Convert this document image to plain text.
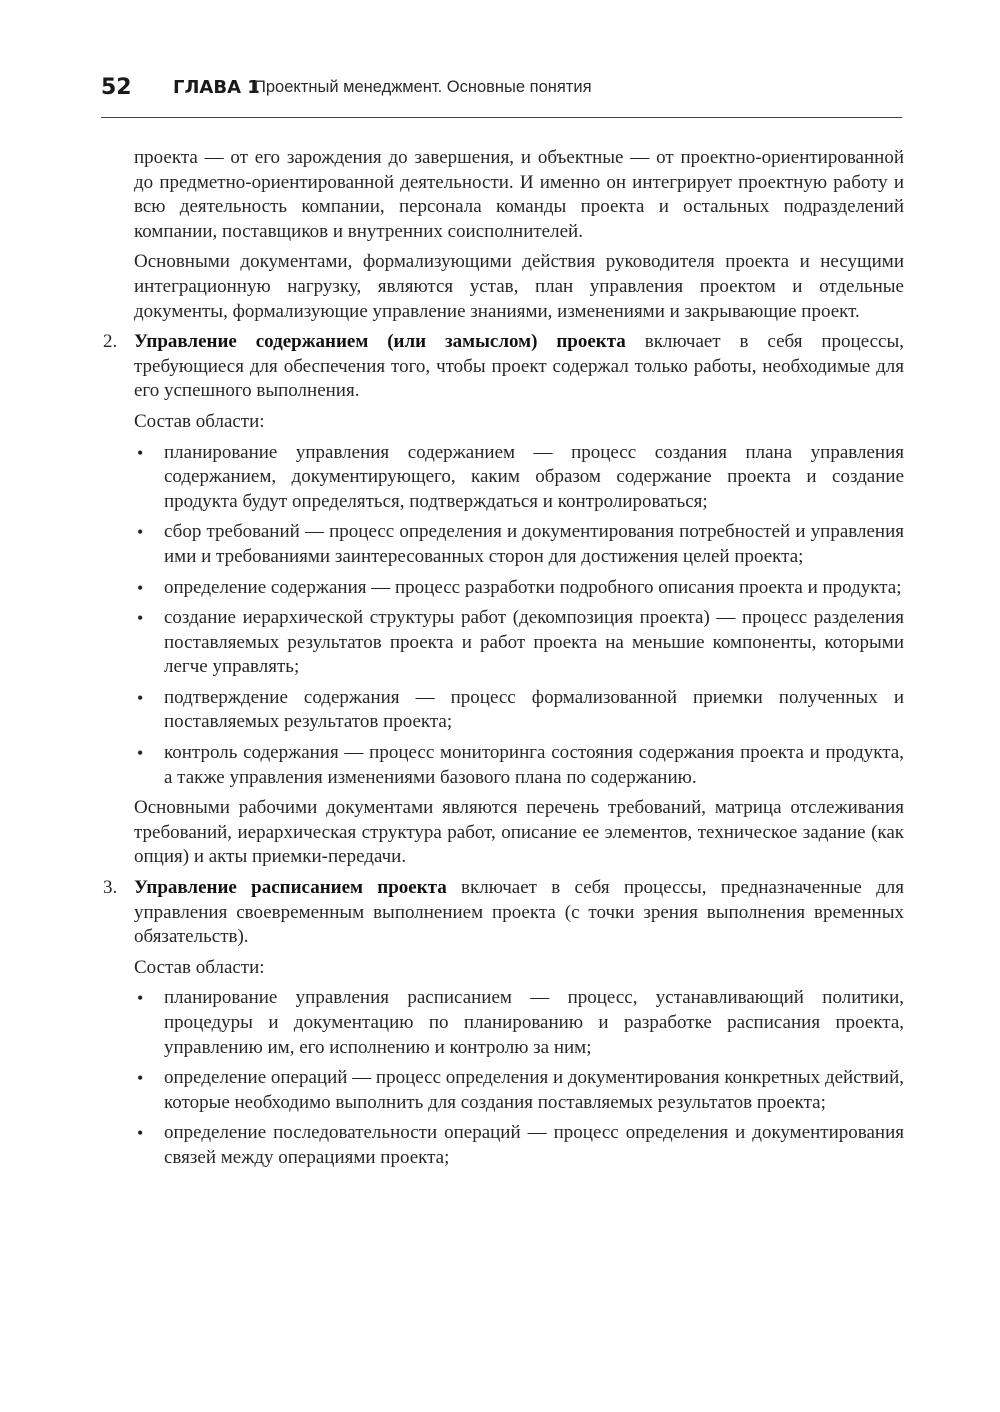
52 ГЛАВА 1
Проектный менеджмент. Основные понятия

проекта — от его зарождения до завершения, и объектные — от проектно-ориентированной до предметно-ориентированной деятельности. И именно он интегрирует проектную работу и всю деятельность компании, персонала команды проекта и остальных подразделений компании, поставщиков и внутренних соисполнителей.

Основными документами, формализующими действия руководителя проекта и несущими интеграционную нагрузку, являются устав, план управления проектом и отдельные документы, формализующие управление знаниями, изменениями и закрывающие проект.

2. Управление содержанием (или замыслом) проекта включает в себя процессы, требующиеся для обеспечения того, чтобы проект содержал только работы, необходимые для его успешного выполнения.

Состав области:

• планирование управления содержанием — процесс создания плана управления содержанием, документирующего, каким образом содержание проекта и создание продукта будут определяться, подтверждаться и контролироваться;
• сбор требований — процесс определения и документирования потребностей и управления ими и требованиями заинтересованных сторон для достижения целей проекта;
• определение содержания — процесс разработки подробного описания проекта и продукта;
• создание иерархической структуры работ (декомпозиция проекта) — процесс разделения поставляемых результатов проекта и работ проекта на меньшие компоненты, которыми легче управлять;
• подтверждение содержания — процесс формализованной приемки полученных и поставляемых результатов проекта;
• контроль содержания — процесс мониторинга состояния содержания проекта и продукта, а также управления изменениями базового плана по содержанию.

Основными рабочими документами являются перечень требований, матрица отслеживания требований, иерархическая структура работ, описание ее элементов, техническое задание (как опция) и акты приемки-передачи.

3. Управление расписанием проекта включает в себя процессы, предназначенные для управления своевременным выполнением проекта (с точки зрения выполнения временных обязательств).

Состав области:

• планирование управления расписанием — процесс, устанавливающий политики, процедуры и документацию по планированию и разработке расписания проекта, управлению им, его исполнению и контролю за ним;
• определение операций — процесс определения и документирования конкретных действий, которые необходимо выполнить для создания поставляемых результатов проекта;
• определение последовательности операций — процесс определения и документирования связей между операциями проекта;
